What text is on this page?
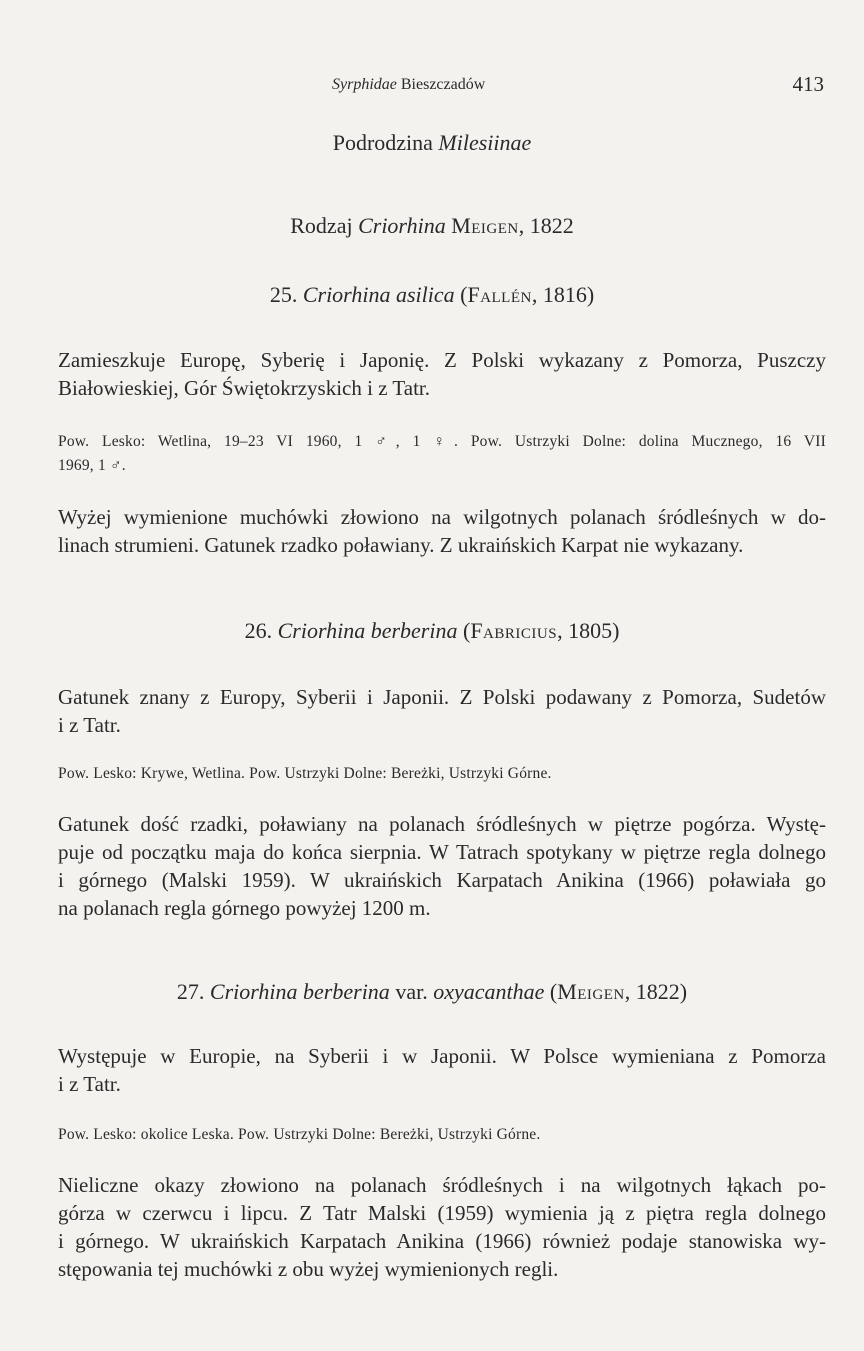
Syrphidae Bieszczadów	413
Podrodzina Milesiinae
Rodzaj Criorhina Meigen, 1822
25. Criorhina asilica (Fallén, 1816)
Zamieszkuje Europę, Syberię i Japonię. Z Polski wykazany z Pomorza, Puszczy
Białowieskiej, Gór Świętokrzyskich i z Tatr.
Pow. Lesko: Wetlina, 19–23 VI 1960, 1 ♂, 1 ♀. Pow. Ustrzyki Dolne: dolina Mucznego, 16 VII
1969, 1 ♂.
Wyżej wymienione muchówki złowiono na wilgotnych polanach śródleśnych w do-
linach strumieni. Gatunek rzadko poławiany. Z ukraińskich Karpat nie wykazany.
26. Criorhina berberina (Fabricius, 1805)
Gatunek znany z Europy, Syberii i Japonii. Z Polski podawany z Pomorza, Sudetów
i z Tatr.
Pow. Lesko: Krywe, Wetlina. Pow. Ustrzyki Dolne: Bereżki, Ustrzyki Górne.
Gatunek dość rzadki, poławiany na polanach śródleśnych w piętrze pogórza. Wystę-
puje od początku maja do końca sierpnia. W Tatrach spotykany w piętrze regla dolnego
i górnego (Malski 1959). W ukraińskich Karpatach Anikina (1966) poławiała go
na polanach regla górnego powyżej 1200 m.
27. Criorhina berberina var. oxyacanthae (Meigen, 1822)
Występuje w Europie, na Syberii i w Japonii. W Polsce wymieniana z Pomorza
i z Tatr.
Pow. Lesko: okolice Leska. Pow. Ustrzyki Dolne: Bereżki, Ustrzyki Górne.
Nieliczne okazy złowiono na polanach śródleśnych i na wilgotnych łąkach po-
górza w czerwcu i lipcu. Z Tatr Malski (1959) wymienia ją z piętra regla dolnego
i górnego. W ukraińskich Karpatach Anikina (1966) również podaje stanowiska wy-
stępowania tej muchówki z obu wyżej wymienionych regli.
